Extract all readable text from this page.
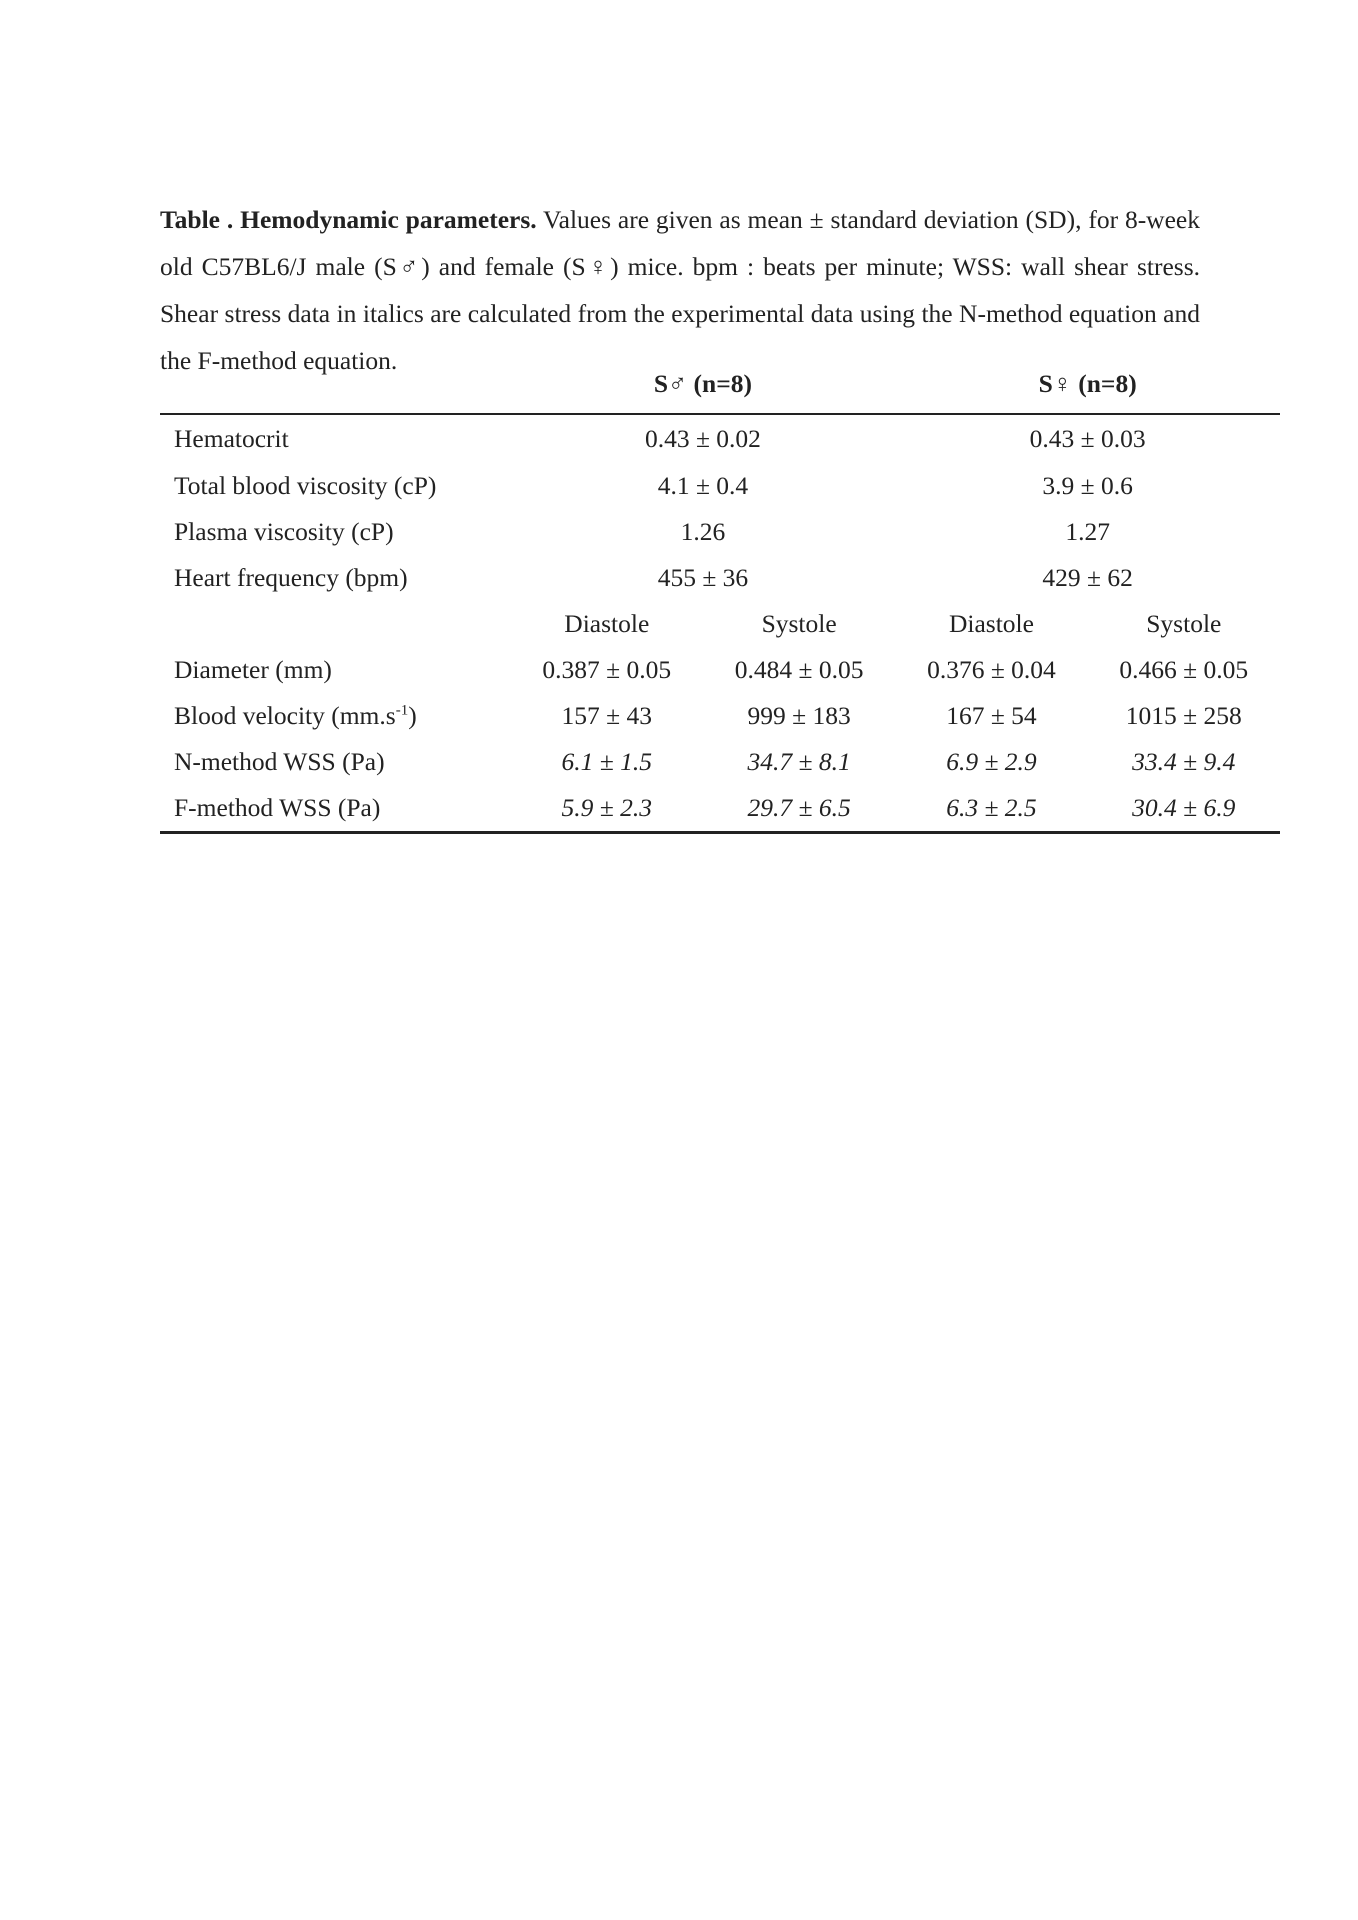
Table . Hemodynamic parameters. Values are given as mean ± standard deviation (SD), for 8-week old C57BL6/J male (S♂) and female (S♀) mice. bpm : beats per minute; WSS: wall shear stress. Shear stress data in italics are calculated from the experimental data using the N-method equation and the F-method equation.

	S♂ (n=8)		S♀ (n=8)	
Hematocrit	0.43 ± 0.02		0.43 ± 0.03	
Total blood viscosity (cP)	4.1 ± 0.4		3.9 ± 0.6	
Plasma viscosity (cP)	1.26		1.27	
Heart frequency (bpm)	455 ± 36		429 ± 62	
	Diastole	Systole	Diastole	Systole
Diameter (mm)	0.387 ± 0.05	0.484 ± 0.05	0.376 ± 0.04	0.466 ± 0.05
Blood velocity $(mm.s^{-1})$	157 ± 43	999 ± 183	167 ± 54	1015 ± 258
N-method WSS (Pa)	6.1 ± 1.5	34.7 ± 8.1	6.9 ± 2.9	33.4 ± 9.4
F-method WSS (Pa)	5.9 ± 2.3	29.7 ± 6.5	6.3 ± 2.5	30.4 ± 6.9
